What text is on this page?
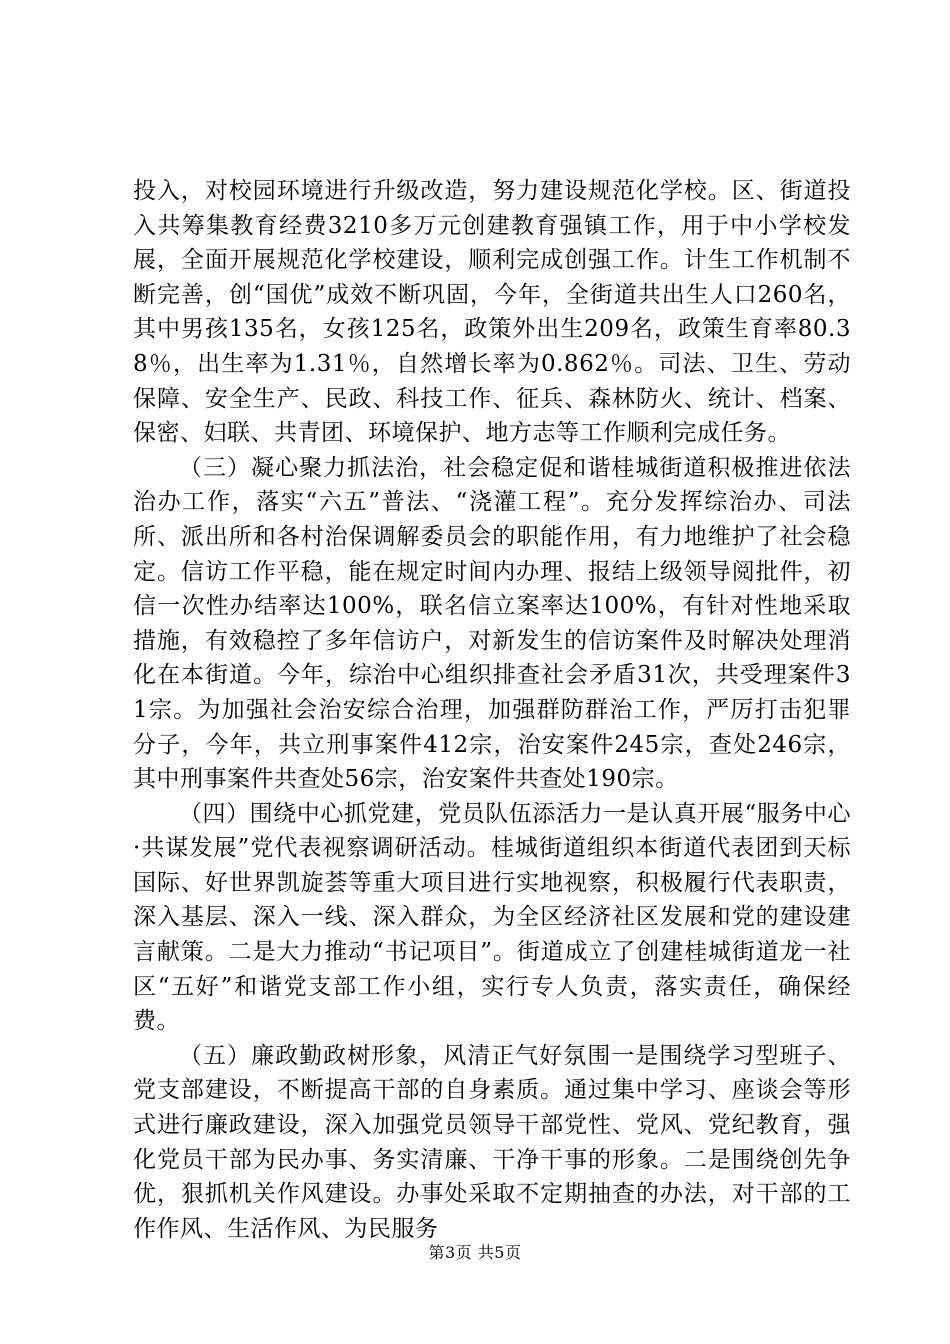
投入，对校园环境进行升级改造，努力建设规范化学校。区、街道投入共筹集教育经费3210多万元创建教育强镇工作，用于中小学校发展，全面开展规范化学校建设，顺利完成创强工作。计生工作机制不断完善，创“国优”成效不断巩固，今年，全街道共出生人口260名，其中男孩135名，女孩125名，政策外出生209名，政策生育率80.38％，出生率为1.31％，自然增长率为0.862％。司法、卫生、劳动保障、安全生产、民政、科技工作、征兵、森林防火、统计、档案、保密、妇联、共青团、环境保护、地方志等工作顺利完成任务。

（三）凝心聚力抓法治，社会稳定促和谐桂城街道积极推进依法治办工作，落实“六五”普法、“浇灌工程”。充分发挥综治办、司法所、派出所和各村治保调解委员会的职能作用，有力地维护了社会稳定。信访工作平稳，能在规定时间内办理、报结上级领导阅批件，初信一次性办结率达100%，联名信立案率达100%，有针对性地采取措施，有效稳控了多年信访户，对新发生的信访案件及时解决处理消化在本街道。今年，综治中心组织排查社会矛盾31次，共受理案件31宗。为加强社会治安综合治理，加强群防群治工作，严厉打击犯罪分子，今年，共立刑事案件412宗，治安案件245宗，查处246宗，其中刑事案件共查处56宗，治安案件共查处190宗。

（四）围绕中心抓党建，党员队伍添活力一是认真开展“服务中心·共谋发展”党代表视察调研活动。桂城街道组织本街道代表团到天标国际、好世界凯旋荟等重大项目进行实地视察，积极履行代表职责，深入基层、深入一线、深入群众，为全区经济社区发展和党的建设建言献策。二是大力推动“书记项目”。街道成立了创建桂城街道龙一社区“五好”和谐党支部工作小组，实行专人负责，落实责任，确保经费。

（五）廉政勤政树形象，风清正气好氛围一是围绕学习型班子、党支部建设，不断提高干部的自身素质。通过集中学习、座谈会等形式进行廉政建设，深入加强党员领导干部党性、党风、党纪教育，强化党员干部为民办事、务实清廉、干净干事的形象。二是围绕创先争优，狠抓机关作风建设。办事处采取不定期抽查的办法，对干部的工作作风、生活作风、为民服务

第3页 共5页
